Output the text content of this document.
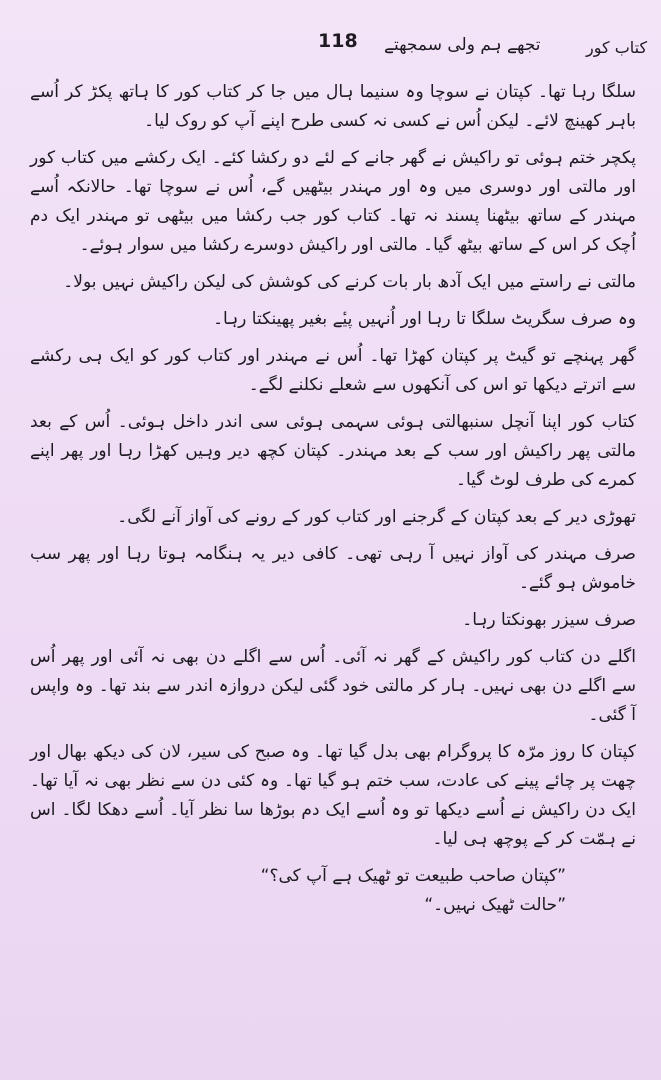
کتاب کور
118 تجھے ہم ولی سمجھتے

سلگا رہا تھا۔ کپتان نے سوچا وہ سنیما ہال میں جا کر کتاب کور کا ہاتھ پکڑ کر اُسے باہر کھینچ لائے۔ لیکن اُس نے کسی نہ کسی طرح اپنے آپ کو روک لیا۔

پکچر ختم ہوئی تو راکیش نے گھر جانے کے لئے دو رکشا کئے۔ ایک رکشے میں کتاب کور اور مالتی اور دوسری میں وہ اور مہندر بیٹھیں گے، اُس نے سوچا تھا۔ حالانکہ اُسے مہندر کے ساتھ بیٹھنا پسند نہ تھا۔ کتاب کور جب رکشا میں بیٹھی تو مہندر ایک دم اُچک کر اس کے ساتھ بیٹھ گیا۔ مالتی اور راکیش دوسرے رکشا میں سوار ہوئے۔

مالتی نے راستے میں ایک آدھ بار بات کرنے کی کوشش کی لیکن راکیش نہیں بولا۔

وہ صرف سگریٹ سلگا تا رہا اور اُنہیں پیٔے بغیر پھینکتا رہا۔

گھر پہنچے تو گیٹ پر کپتان کھڑا تھا۔ اُس نے مہندر اور کتاب کور کو ایک ہی رکشے سے اترتے دیکھا تو اس کی آنکھوں سے شعلے نکلنے لگے۔

کتاب کور اپنا آنچل سنبھالتی ہوئی سہمی ہوئی سی اندر داخل ہوئی۔ اُس کے بعد مالتی پھر راکیش اور سب کے بعد مہندر۔ کپتان کچھ دیر وہیں کھڑا رہا اور پھر اپنے کمرے کی طرف لوٹ گیا۔

تھوڑی دیر کے بعد کپتان کے گرجنے اور کتاب کور کے رونے کی آواز آنے لگی۔

صرف مہندر کی آواز نہیں آ رہی تھی۔ کافی دیر یہ ہنگامہ ہوتا رہا اور پھر سب خاموش ہو گئے۔

صرف سیزر بھونکتا رہا۔

اگلے دن کتاب کور راکیش کے گھر نہ آئی۔ اُس سے اگلے دن بھی نہ آئی اور پھر اُس سے اگلے دن بھی نہیں۔ ہار کر مالتی خود گئی لیکن دروازہ اندر سے بند تھا۔ وہ واپس آ گئی۔

کپتان کا روز مرّہ کا پروگرام بھی بدل گیا تھا۔ وہ صبح کی سیر، لان کی دیکھ بھال اور چھت پر چائے پینے کی عادت، سب ختم ہو گیا تھا۔ وہ کئی دن سے نظر بھی نہ آیا تھا۔ ایک دن راکیش نے اُسے دیکھا تو وہ اُسے ایک دم بوڑھا سا نظر آیا۔ اُسے دھکا لگا۔ اس نے ہمّت کر کے پوچھ ہی لیا۔

”کپتان صاحب طبیعت تو ٹھیک ہے آپ کی؟“

”حالت ٹھیک نہیں۔“
